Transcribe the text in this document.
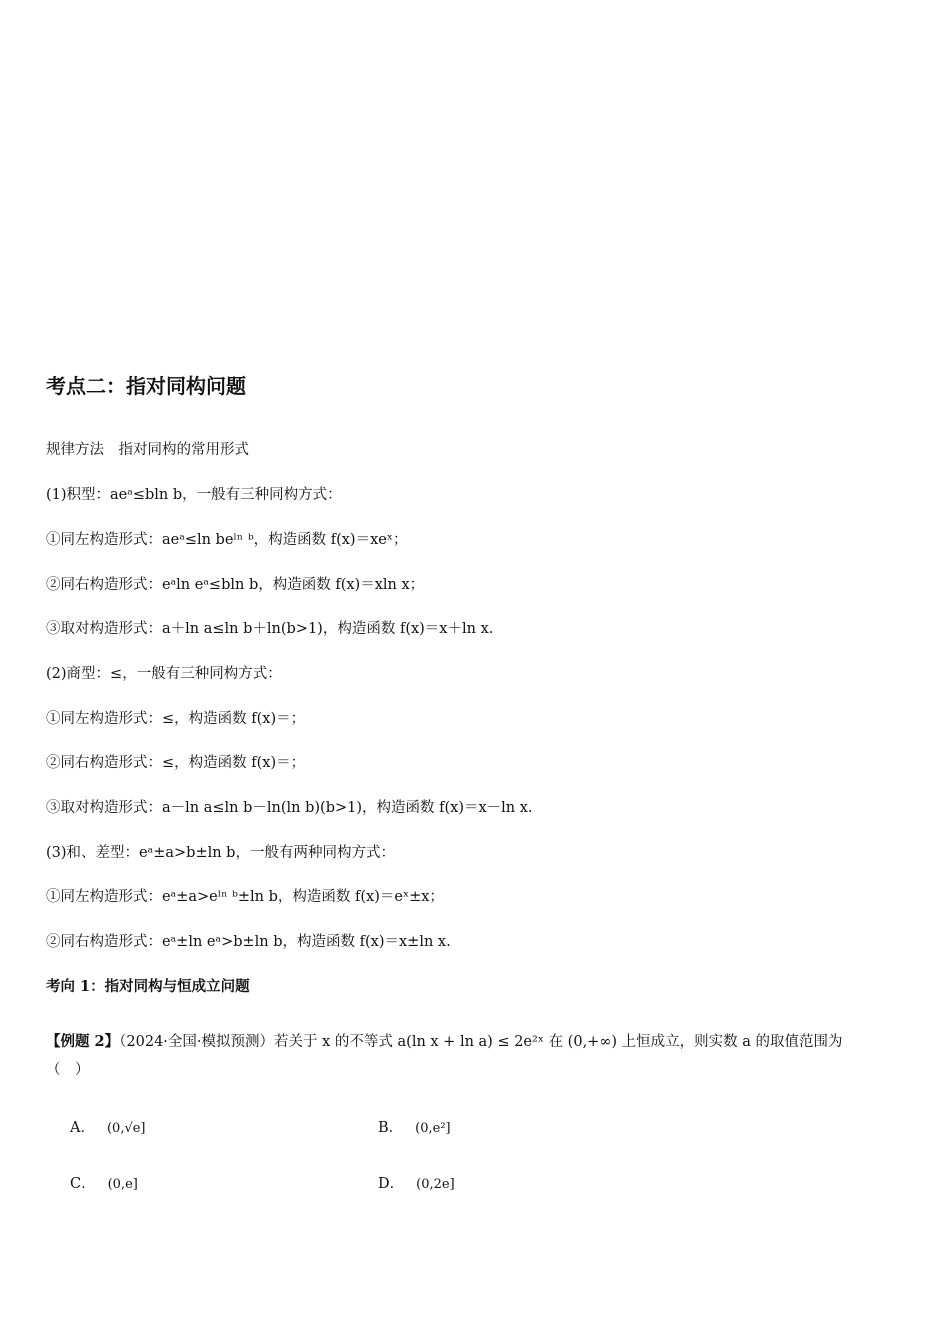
考点二：指对同构问题
规律方法　指对同构的常用形式
(1)积型：aeᵃ≤bln b，一般有三种同构方式：
①同左构造形式：aeᵃ≤ln beˡⁿ ᵇ，构造函数 f(x)＝xeˣ；
②同右构造形式：eᵃln eᵃ≤bln b，构造函数 f(x)＝xln x；
③取对构造形式：a＋ln a≤ln b＋ln(b>1)，构造函数 f(x)＝x＋ln x.
(2)商型：≤，一般有三种同构方式：
①同左构造形式：≤，构造函数 f(x)＝；
②同右构造形式：≤，构造函数 f(x)＝；
③取对构造形式：a－ln a≤ln b－ln(ln b)(b>1)，构造函数 f(x)＝x－ln x.
(3)和、差型：eᵃ±a>b±ln b，一般有两种同构方式：
①同左构造形式：eᵃ±a>eˡⁿ ᵇ±ln b，构造函数 f(x)＝eˣ±x；
②同右构造形式：eᵃ±ln eᵃ>b±ln b，构造函数 f(x)＝x±ln x.
考向 1：指对同构与恒成立问题
【例题 2】（2024·全国·模拟预测）若关于 x 的不等式 a(ln x + ln a) ≤ 2e²ˣ 在 (0,+∞) 上恒成立，则实数 a 的取值范围为
（　）
A． (0,√e]	B． (0,e²]
C． (0,e]	D． (0,2e]
